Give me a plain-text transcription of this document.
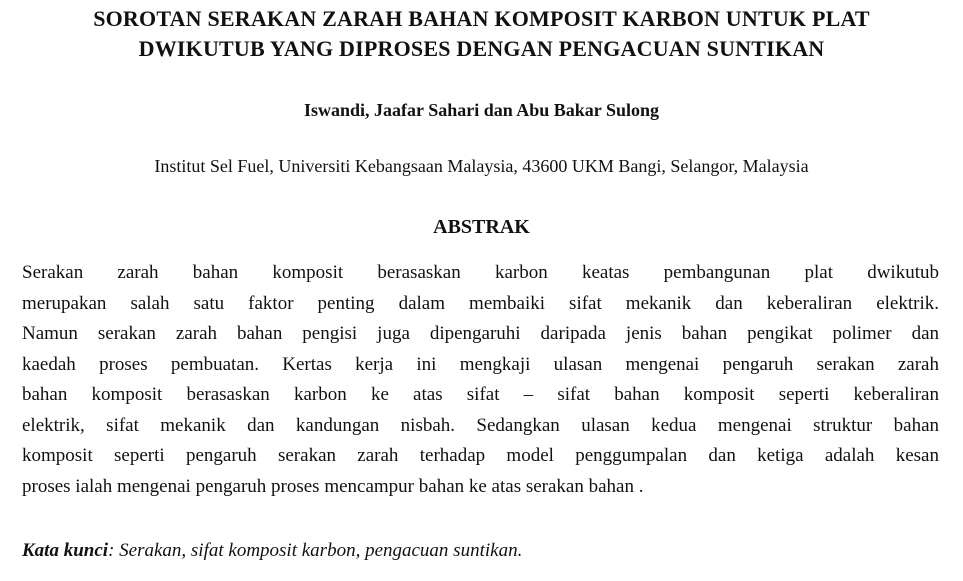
SOROTAN SERAKAN ZARAH BAHAN KOMPOSIT KARBON UNTUK PLAT
DWIKUTUB YANG DIPROSES DENGAN PENGACUAN SUNTIKAN
Iswandi, Jaafar Sahari dan Abu Bakar Sulong
Institut Sel Fuel, Universiti Kebangsaan Malaysia, 43600 UKM Bangi, Selangor, Malaysia
ABSTRAK
Serakan zarah bahan komposit berasaskan karbon keatas pembangunan plat dwikutub
merupakan salah satu faktor penting dalam membaiki sifat mekanik dan keberaliran elektrik.
Namun serakan zarah bahan pengisi juga dipengaruhi daripada jenis bahan pengikat polimer dan
kaedah proses pembuatan. Kertas kerja ini mengkaji ulasan mengenai pengaruh serakan zarah
bahan komposit berasaskan karbon ke atas sifat – sifat bahan komposit seperti keberaliran
elektrik, sifat mekanik dan kandungan nisbah. Sedangkan ulasan kedua mengenai struktur bahan
komposit seperti pengaruh serakan zarah terhadap model penggumpalan dan ketiga adalah kesan
proses ialah mengenai pengaruh proses mencampur bahan ke atas serakan bahan .
Kata kunci: Serakan, sifat komposit karbon, pengacuan suntikan.
